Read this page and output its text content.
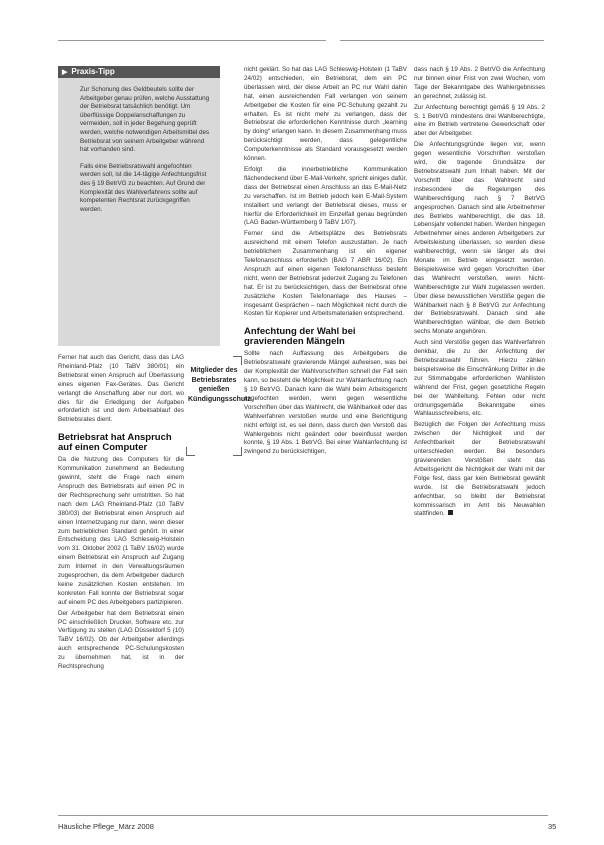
▶ Praxis-Tipp

Zur Schonung des Geldbeutels sollte der Arbeitgeber genau prüfen, welche Ausstattung der Betriebsrat tatsächlich benötigt. Um überflüssige Doppelanschaffungen zu vermeiden, soll in jeder Begehung geprüft werden, welche notwendigen Arbeitsmittel des Betriebsrat von seinem Arbeitgeber während hat vorhanden sind.

Falls eine Betriebsratswahl angefochten werden soll, ist die 14-tägige Anfechtungsfrist des § 19 BetrVG zu beachten. Auf Grund der Komplexität des Wahlverfahrens sollte auf kompetenten Rechtsrat zurückgegriffen werden.

Ferner hat auch das Gericht, dass das LAG Rheinland-Pfalz (10 TaBV 380/01) ein Betriebsrat einen Anspruch auf Überlassung eines eigenen Fax-Gerätes. Das Gericht verlangt die Anschaffung aber nur dort, wo dies für die Erledigung der Aufgaben erforderlich ist und dem Arbeitsablauf des Betriebsrates dient.

Betriebsrat hat Anspruch auf einen Computer

Da die Nutzung des Computers für die Kommunikation zunehmend an Bedeutung gewinnt, steht die Frage nach einem Anspruch des Betriebsrats auf einen PC in der Rechtsprechung sehr umstritten. So hat nach dem LAG Rheinland-Pfalz (10 TaBV 380/03) der Betriebsrat einen Anspruch auf einen Internetzugang nur dann, wenn dieser zum betrieblichen Standard gehört. In einer Entscheidung des LAG Schleswig-Holstein vom 31. Oktober 2002 (1 TaBV 16/02) wurde einem Betriebsrat ein Anspruch auf Zugang zum Internet in den Verwaltungsräumen zugesprochen, da dem Arbeitgeber dadurch keine zusätzlichen Kosten entstehen. Im konkreten Fall konnte der Betriebsrat sogar auf einem PC des Arbeitgebers partizipieren.

Der Arbeitgeber hat dem Betriebsrat einen PC einschließlich Drucker, Software etc. zur Verfügung zu stellen (LAG Düsseldorf 5 (10) TaBV 16/02). Ob der Arbeitgeber allerdings auch entsprechende PC-Schulungskosten zu übernehmen hat, ist in der Rechtsprechung

Mitglieder des Betriebsrates genießen Kündigungsschutz.

nicht geklärt. So hat das LAG Schleswig-Holstein (1 TaBV 24/02) entschieden, ein Betriebsrat, dem ein PC überlassen wird, der diese Arbeit an PC nur Wahl dahin hat, einen ausreichenden Fall verlangen von seinem Arbeitgeber die Kosten für eine PC-Schulung gezahlt zu erhalten. Es ist nicht mehr zu verlangen, dass der Betriebsrat die erforderlichen Kenntnisse durch „learning by doing“ erlangen kann. In diesem Zusammenhang muss berücksichtigt werden, dass gelegentliche Computerkenntnisse als Standard vorausgesetzt werden können.

Erfolgt die innerbetriebliche Kommunikation flächendeckend über E-Mail-Verkehr, spricht einiges dafür, dass der Betriebsrat einen Anschluss an das E-Mail-Netz zu verschaffen. Ist im Betrieb jedoch kein E-Mail-System installiert und verlangt der Betriebsrat dieses, muss er hierfür die Erforderlichkeit im Einzelfall genau begründen (LAG Baden-Württemberg 9 TaBV 1/07).

Ferner sind die Arbeitsplätze des Betriebsrats ausreichend mit einem Telefon auszustatten. Je nach betrieblichem Zusammenhang ist ein eigener Telefonanschluss erforderlich (BAG 7 ABR 16/02). Ein Anspruch auf einen eigenen Telefonanschluss besteht nicht, wenn der Betriebsrat jederzeit Zugang zu Telefonen hat. Er ist zu berücksichtigen, dass der Betriebsrat ohne zusätzliche Kosten Telefonanlage des Hauses – insgesamt Gesprächen – nach Möglichkeit nicht durch die Kosten für Kopierer und Arbeitsmaterialien entsprechend.

Anfechtung der Wahl bei gravierenden Mängeln

Sollte nach Auffassung des Arbeitgebers die Betriebsratswahl gravierende Mängel aufweisen, was bei der Komplexität der Wahlvorschriften schnell der Fall sein kann, so besteht die Möglichkeit zur Wahlanfechtung nach § 19 BetrVG. Danach kann die Wahl beim Arbeitsgericht angefochten werden, wenn gegen wesentliche Vorschriften über das Wahlrecht, die Wählbarkeit oder das Wahlverfahren verstoßen wurde und eine Berichtigung nicht erfolgt ist, es sei denn, dass durch den Verstoß das Wahlergebnis nicht geändert oder beeinflusst werden konnte, § 19 Abs. 1 BetrVG. Bei einer Wahlanfechtung ist zwingend zu berücksichtigen,

dass nach § 19 Abs. 2 BetrVG die Anfechtung nur binnen einer Frist von zwei Wochen, vom Tage der Bekanntgabe des Wahlergebnisses an gerechnet, zulässig ist.

Zur Anfechtung berechtigt gemäß § 19 Abs. 2 S. 1 BetrVG mindestens drei Wahlberechtigte, eine im Betrieb vertretene Gewerkschaft oder aber der Arbeitgeber.

Die Anfechtungsgründe liegen vor, wenn gegen wesentliche Vorschriften verstoßen wird, die tragende Grundsätze der Betriebsratswahl zum Inhalt haben. Mit der Vorschrift über das Wahlrecht sind insbesondere die Regelungen des Wahlberechtigung nach § 7 BetrVG angesprochen. Danach sind alle Arbeitnehmer des Betriebs wahlberechtigt, die das 18. Lebensjahr vollendet haben. Werden hingegen Arbeitnehmer eines anderen Arbeitgebers zur Arbeitsleistung überlassen, so werden diese wahlberechtigt, wenn sie länger als drei Monate im Betrieb eingesetzt werden. Beispielsweise wird gegen Vorschriften über das Wahlrecht verstoßen, wenn Nicht-Wahlberechtigte zur Wahl zugelassen werden. Über diese bewusstlichen Verstöße gegen die Wählbarkeit nach § 8 BetrVG zur Anfechtung der Betriebsratswahl. Danach sind alle Wahlberechtigten wählbar, die dem Betrieb sechs Monate angehören.

Auch sind Verstöße gegen das Wahlverfahren denkbar, die zu der Anfechtung der Betriebsratswahl führen. Hierzu zählen beispielsweise die Einschränkung Dritter in die zur Stimmabgabe erforderlichen Wahllisten während der Frist, gegen gesetzliche Regeln bei der Wahlleitung. Fehlen oder nicht ordnungsgemäße Bekanntgabe eines Wahlausschreibens, etc.

Bezüglich der Folgen der Anfechtung muss zwischen der Nichtigkeit und der Anfechtbarkeit der Betriebsratswahl unterschieden werden. Bei besonders gravierenden Verstößen steht das Arbeitsgericht die Nichtigkeit der Wahl mit der Folge fest, dass gar kein Betriebsrat gewählt wurde. Ist die Betriebsratswahl jedoch anfechtbar, so bleibt der Betriebsrat kommissarisch im Amt bis Neuwahlen stattfinden.

Häusliche Pflege_März 2008	35
